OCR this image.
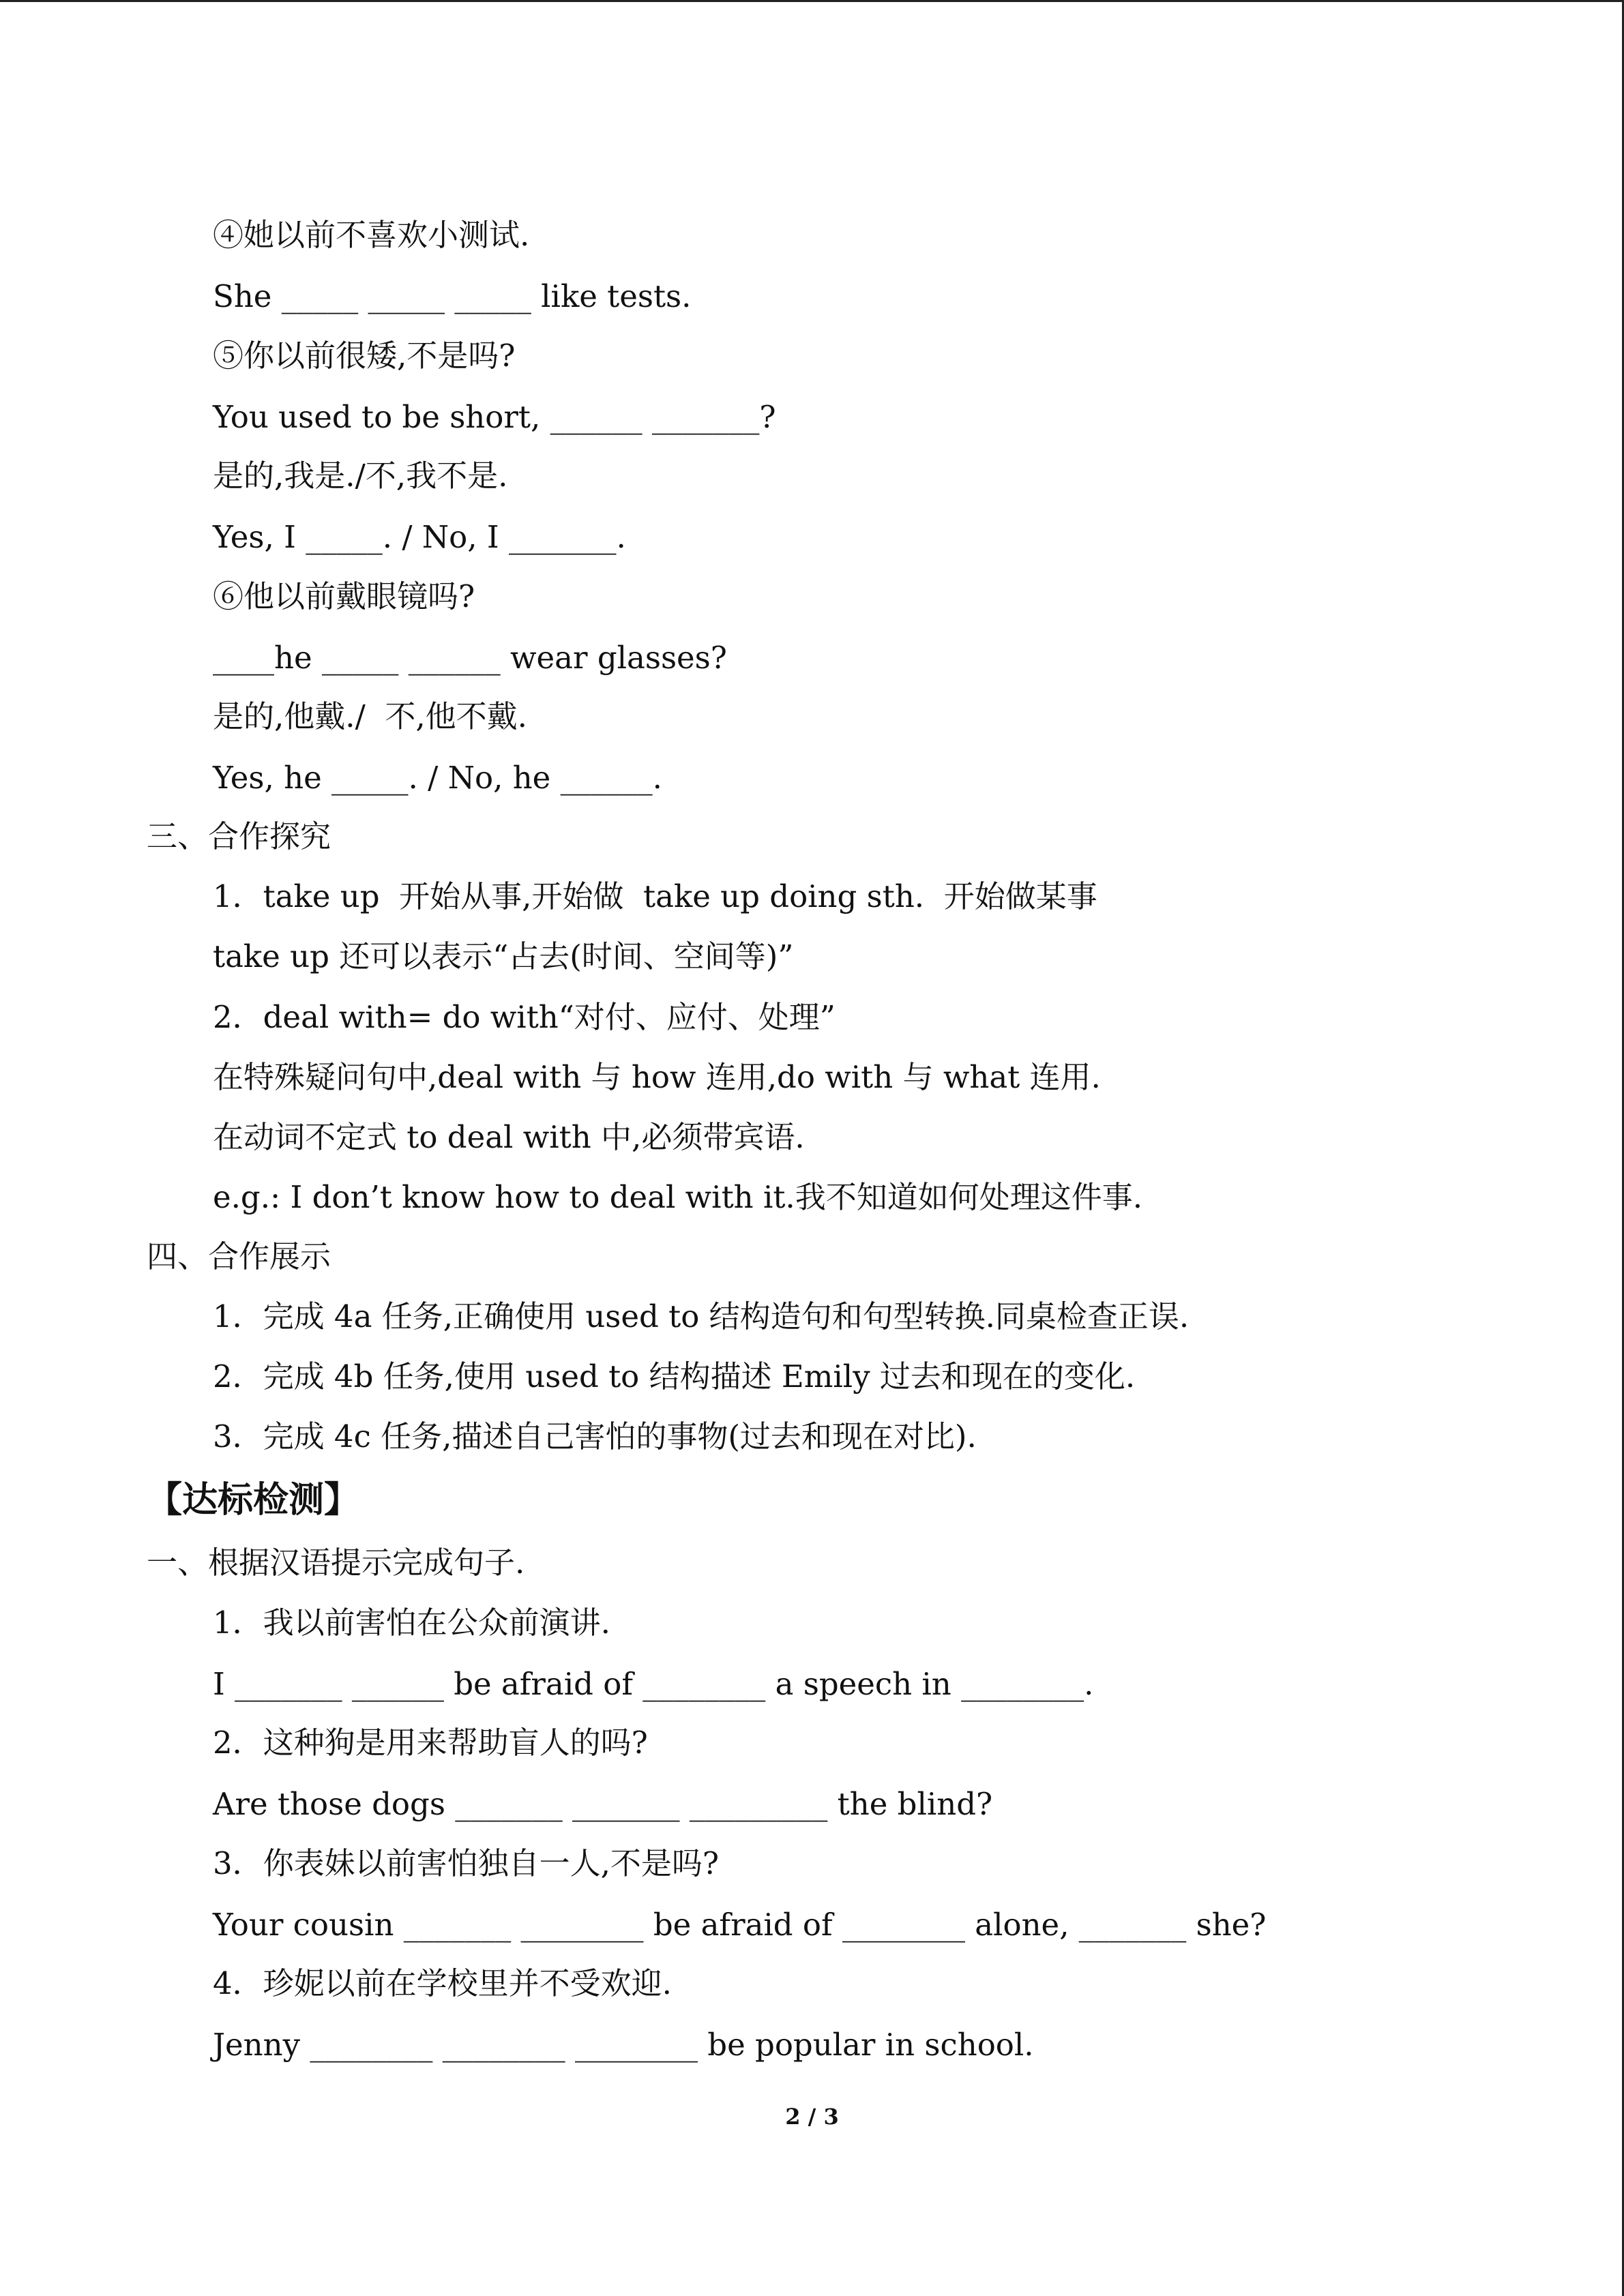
④她以前不喜欢小测试.
She _____ _____ _____ like tests.
⑤你以前很矮,不是吗?
You used to be short, ______ _______?
是的,我是./不,我不是.
Yes, I _____. / No, I _______.
⑥他以前戴眼镜吗?
____he _____ ______ wear glasses?
是的,他戴./  不,他不戴.
Yes, he _____. / No, he ______.
三、合作探究
1．take up  开始从事,开始做  take up doing sth.  开始做某事
take up 还可以表示“占去(时间、空间等)”
2．deal with= do with“对付、应付、处理”
在特殊疑问句中,deal with 与 how 连用,do with 与 what 连用.
在动词不定式 to deal with 中,必须带宾语.
e.g.: I don’t know how to deal with it.我不知道如何处理这件事.
四、合作展示
1．完成 4a 任务,正确使用 used to 结构造句和句型转换.同桌检查正误.
2．完成 4b 任务,使用 used to 结构描述 Emily 过去和现在的变化.
3．完成 4c 任务,描述自己害怕的事物(过去和现在对比).
【达标检测】
一、根据汉语提示完成句子.
1．我以前害怕在公众前演讲.
I _______ ______ be afraid of ________ a speech in ________.
2．这种狗是用来帮助盲人的吗?
Are those dogs _______ _______ _________ the blind?
3．你表妹以前害怕独自一人,不是吗?
Your cousin _______ ________ be afraid of ________ alone, _______ she?
4．珍妮以前在学校里并不受欢迎.
Jenny ________ ________ ________ be popular in school.
2 / 3
